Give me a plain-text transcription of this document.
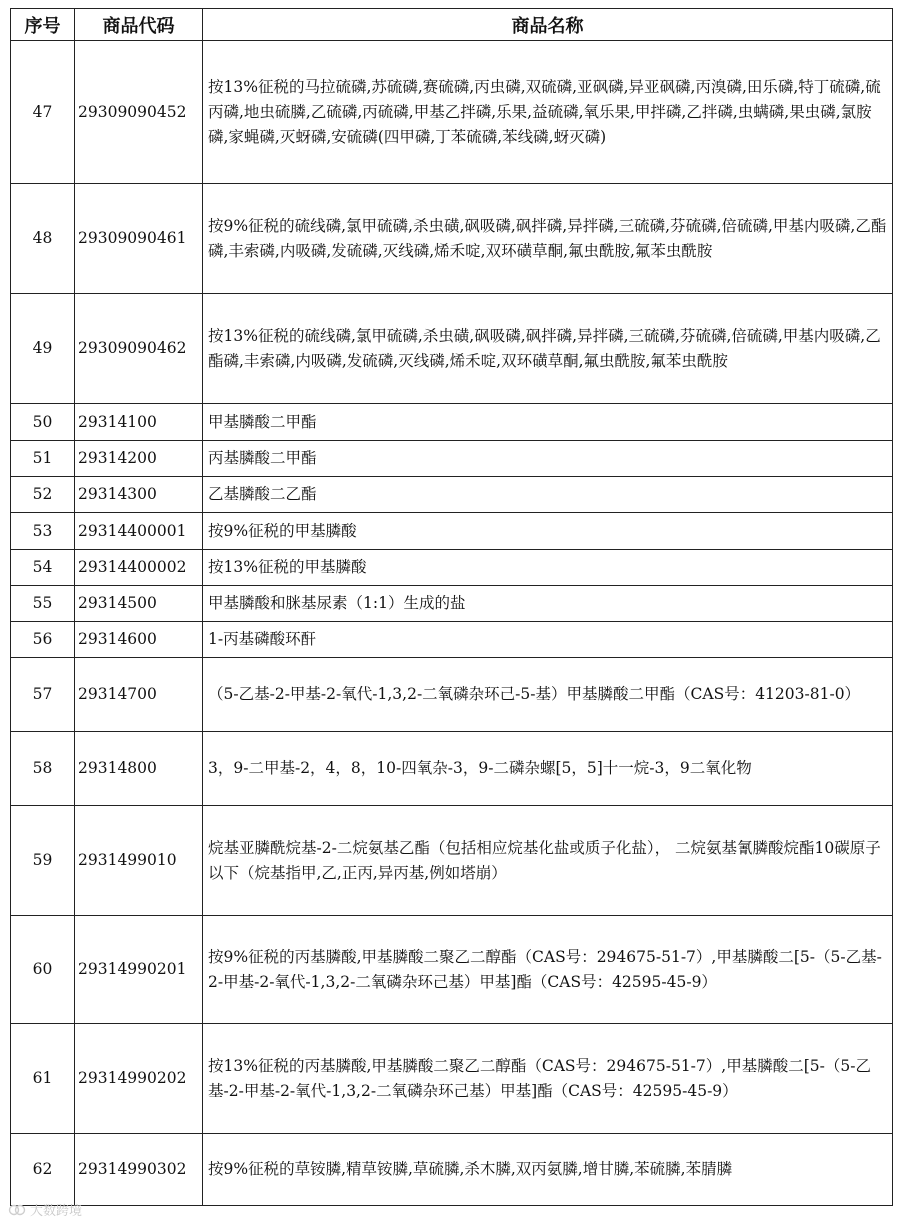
序号	商品代码	商品名称
47	29309090452	按13%征税的马拉硫磷,苏硫磷,赛硫磷,丙虫磷,双硫磷,亚砜磷,异亚砜磷,丙溴磷,田乐磷,特丁硫磷,硫丙磷,地虫硫膦,乙硫磷,丙硫磷,甲基乙拌磷,乐果,益硫磷,氧乐果,甲拌磷,乙拌磷,虫螨磷,果虫磷,氯胺磷,家蝇磷,灭蚜磷,安硫磷(四甲磷,丁苯硫磷,苯线磷,蚜灭磷)
48	29309090461	按9%征税的硫线磷,氯甲硫磷,杀虫磺,砜吸磷,砜拌磷,异拌磷,三硫磷,芬硫磷,倍硫磷,甲基内吸磷,乙酯磷,丰索磷,内吸磷,发硫磷,灭线磷,烯禾啶,双环磺草酮,氟虫酰胺,氟苯虫酰胺
49	29309090462	按13%征税的硫线磷,氯甲硫磷,杀虫磺,砜吸磷,砜拌磷,异拌磷,三硫磷,芬硫磷,倍硫磷,甲基内吸磷,乙酯磷,丰索磷,内吸磷,发硫磷,灭线磷,烯禾啶,双环磺草酮,氟虫酰胺,氟苯虫酰胺
50	29314100	甲基膦酸二甲酯
51	29314200	丙基膦酸二甲酯
52	29314300	乙基膦酸二乙酯
53	29314400001	按9%征税的甲基膦酸
54	29314400002	按13%征税的甲基膦酸
55	29314500	甲基膦酸和脒基尿素（1:1）生成的盐
56	29314600	1-丙基磷酸环酐
57	29314700	（5-乙基-2-甲基-2-氧代-1,3,2-二氧磷杂环己-5-基）甲基膦酸二甲酯（CAS号：41203-81-0）
58	29314800	3，9-二甲基-2，4，8，10-四氧杂-3，9-二磷杂螺[5，5]十一烷-3，9二氧化物
59	2931499010	烷基亚膦酰烷基-2-二烷氨基乙酯（包括相应烷基化盐或质子化盐）， 二烷氨基氰膦酸烷酯10碳原子以下（烷基指甲,乙,正丙,异丙基,例如塔崩）
60	29314990201	按9%征税的丙基膦酸,甲基膦酸二聚乙二醇酯（CAS号：294675-51-7）,甲基膦酸二[5-（5-乙基-2-甲基-2-氧代-1,3,2-二氧磷杂环己基）甲基]酯（CAS号：42595-45-9）
61	29314990202	按13%征税的丙基膦酸,甲基膦酸二聚乙二醇酯（CAS号：294675-51-7）,甲基膦酸二[5-（5-乙基-2-甲基-2-氧代-1,3,2-二氧磷杂环己基）甲基]酯（CAS号：42595-45-9）
62	29314990302	按9%征税的草铵膦,精草铵膦,草硫膦,杀木膦,双丙氨膦,增甘膦,苯硫膦,苯腈膦
大数跨境
